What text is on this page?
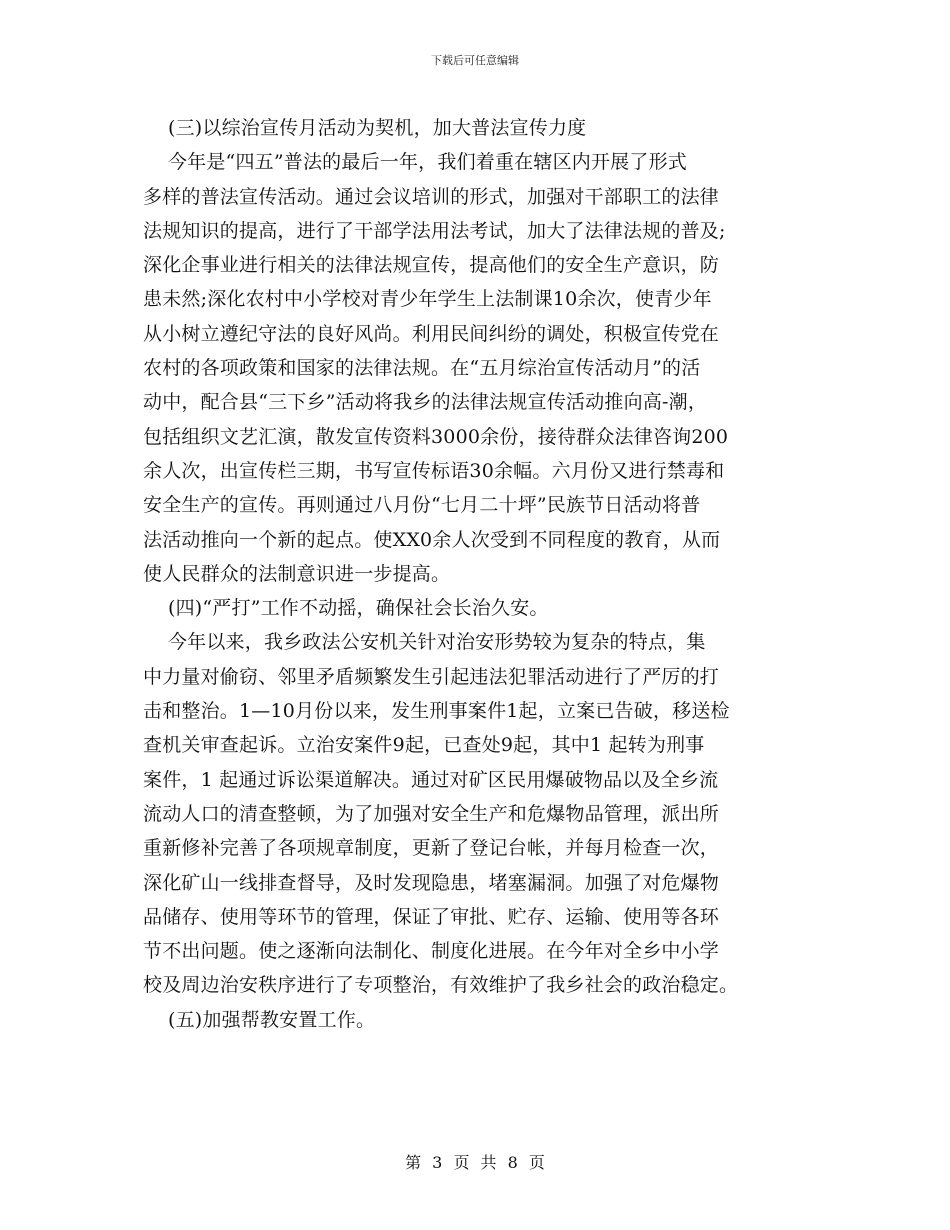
下载后可任意编辑
(三)以综治宣传月活动为契机，加大普法宣传力度
今年是“四五”普法的最后一年，我们着重在辖区内开展了形式
多样的普法宣传活动。通过会议培训的形式，加强对干部职工的法律
法规知识的提高，进行了干部学法用法考试，加大了法律法规的普及;
深化企事业进行相关的法律法规宣传，提高他们的安全生产意识，防
患未然;深化农村中小学校对青少年学生上法制课10余次，使青少年
从小树立遵纪守法的良好风尚。利用民间纠纷的调处，积极宣传党在
农村的各项政策和国家的法律法规。在“五月综治宣传活动月”的活
动中，配合县“三下乡”活动将我乡的法律法规宣传活动推向高-潮，
包括组织文艺汇演，散发宣传资料3000余份，接待群众法律咨询200
余人次，出宣传栏三期，书写宣传标语30余幅。六月份又进行禁毒和
安全生产的宣传。再则通过八月份“七月二十坪”民族节日活动将普
法活动推向一个新的起点。使XX0余人次受到不同程度的教育，从而
使人民群众的法制意识进一步提高。
(四)“严打”工作不动摇，确保社会长治久安。
今年以来，我乡政法公安机关针对治安形势较为复杂的特点，集
中力量对偷窃、邻里矛盾频繁发生引起违法犯罪活动进行了严厉的打
击和整治。1—10月份以来，发生刑事案件1起，立案已告破，移送检
查机关审查起诉。立治安案件9起，已查处9起，其中1 起转为刑事
案件，1 起通过诉讼渠道解决。通过对矿区民用爆破物品以及全乡流
流动人口的清查整顿，为了加强对安全生产和危爆物品管理，派出所
重新修补完善了各项规章制度，更新了登记台帐，并每月检查一次，
深化矿山一线排查督导，及时发现隐患，堵塞漏洞。加强了对危爆物
品储存、使用等环节的管理，保证了审批、贮存、运输、使用等各环
节不出问题。使之逐渐向法制化、制度化进展。在今年对全乡中小学
校及周边治安秩序进行了专项整治，有效维护了我乡社会的政治稳定。
(五)加强帮教安置工作。
第 3 页 共 8 页
